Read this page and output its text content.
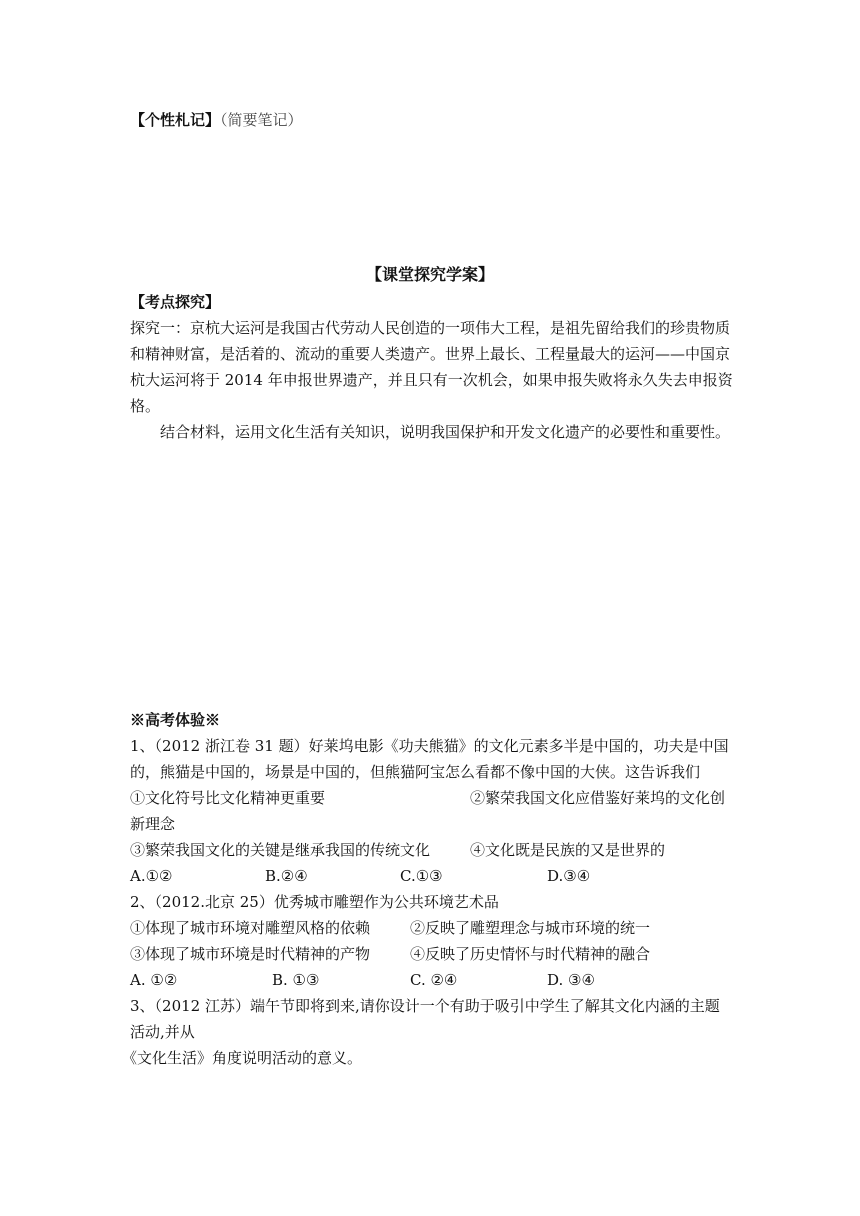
【个性札记】（简要笔记）
【课堂探究学案】
【考点探究】
探究一：京杭大运河是我国古代劳动人民创造的一项伟大工程，是祖先留给我们的珍贵物质
和精神财富，是活着的、流动的重要人类遗产。世界上最长、工程量最大的运河——中国京
杭大运河将于 2014 年申报世界遗产，并且只有一次机会，如果申报失败将永久失去申报资
格。
结合材料，运用文化生活有关知识，说明我国保护和开发文化遗产的必要性和重要性。
※高考体验※
1、（2012 浙江卷 31 题）好莱坞电影《功夫熊猫》的文化元素多半是中国的，功夫是中国
的，熊猫是中国的，场景是中国的，但熊猫阿宝怎么看都不像中国的大侠。这告诉我们
①文化符号比文化精神更重要	②繁荣我国文化应借鉴好莱坞的文化创
新理念
③繁荣我国文化的关键是继承我国的传统文化	④文化既是民族的又是世界的
A.①②	B.②④	C.①③	D.③④
2、（2012.北京 25）优秀城市雕塑作为公共环境艺术品
①体现了城市环境对雕塑风格的依赖	②反映了雕塑理念与城市环境的统一
③体现了城市环境是时代精神的产物	④反映了历史情怀与时代精神的融合
A. ①②	B. ①③	C. ②④	D. ③④
3、（2012 江苏）端午节即将到来,请你设计一个有助于吸引中学生了解其文化内涵的主题
活动,并从
《文化生活》角度说明活动的意义。
